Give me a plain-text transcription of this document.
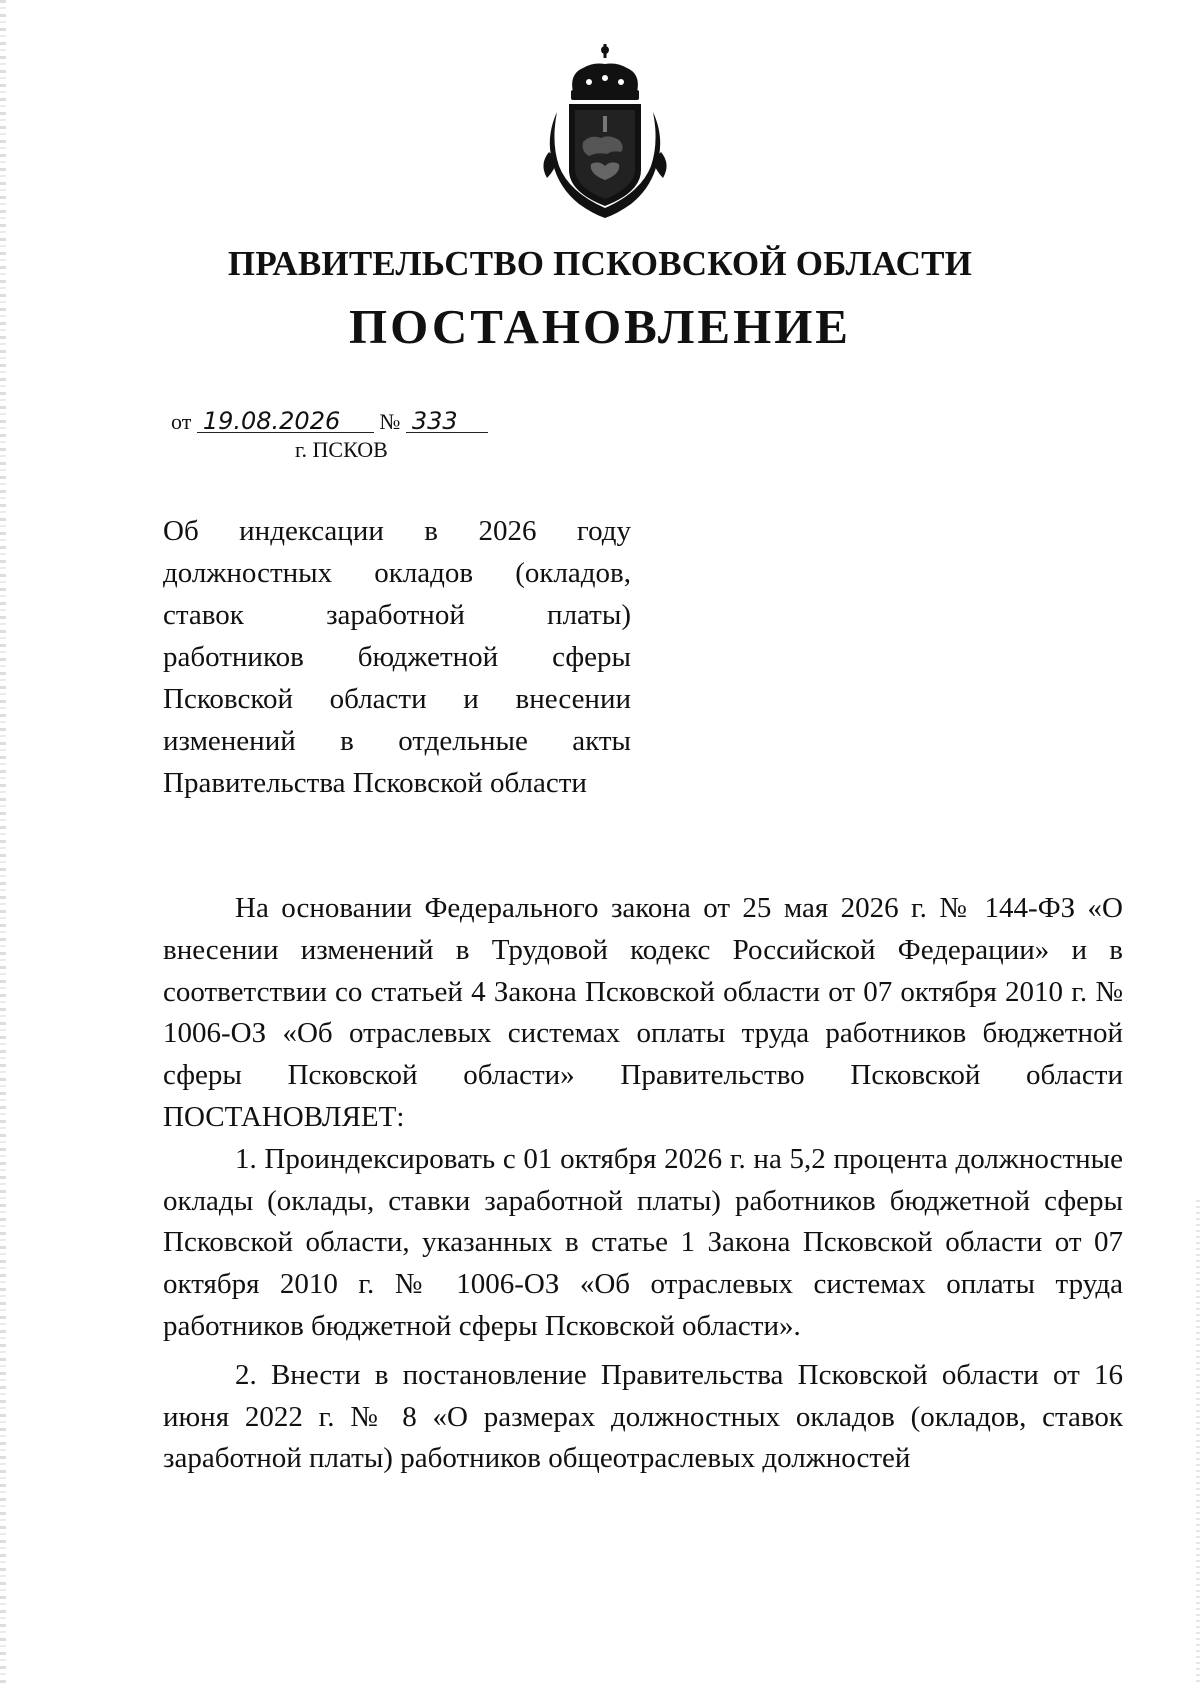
ПРАВИТЕЛЬСТВО ПСКОВСКОЙ ОБЛАСТИ
ПОСТАНОВЛЕНИЕ
от 19.08.2026 № 333
г. ПСКОВ
Об индексации в 2026 году
должностных окладов (окладов,
ставок заработной платы)
работников бюджетной сферы
Псковской области и внесении
изменений в отдельные акты
Правительства Псковской области

На основании Федерального закона от 25 мая 2026 г. № 144-ФЗ «О внесении изменений в Трудовой кодекс Российской Федерации» и в соответствии со статьей 4 Закона Псковской области от 07 октября 2010 г. № 1006-ОЗ «Об отраслевых системах оплаты труда работников бюджетной сферы Псковской области» Правительство Псковской области ПОСТАНОВЛЯЕТ:

1. Проиндексировать с 01 октября 2026 г. на 5,2 процента должностные оклады (оклады, ставки заработной платы) работников бюджетной сферы Псковской области, указанных в статье 1 Закона Псковской области от 07 октября 2010 г. № 1006-ОЗ «Об отраслевых системах оплаты труда работников бюджетной сферы Псковской области».

2. Внести в постановление Правительства Псковской области от 16 июня 2022 г. № 8 «О размерах должностных окладов (окладов, ставок заработной платы) работников общеотраслевых должностей
